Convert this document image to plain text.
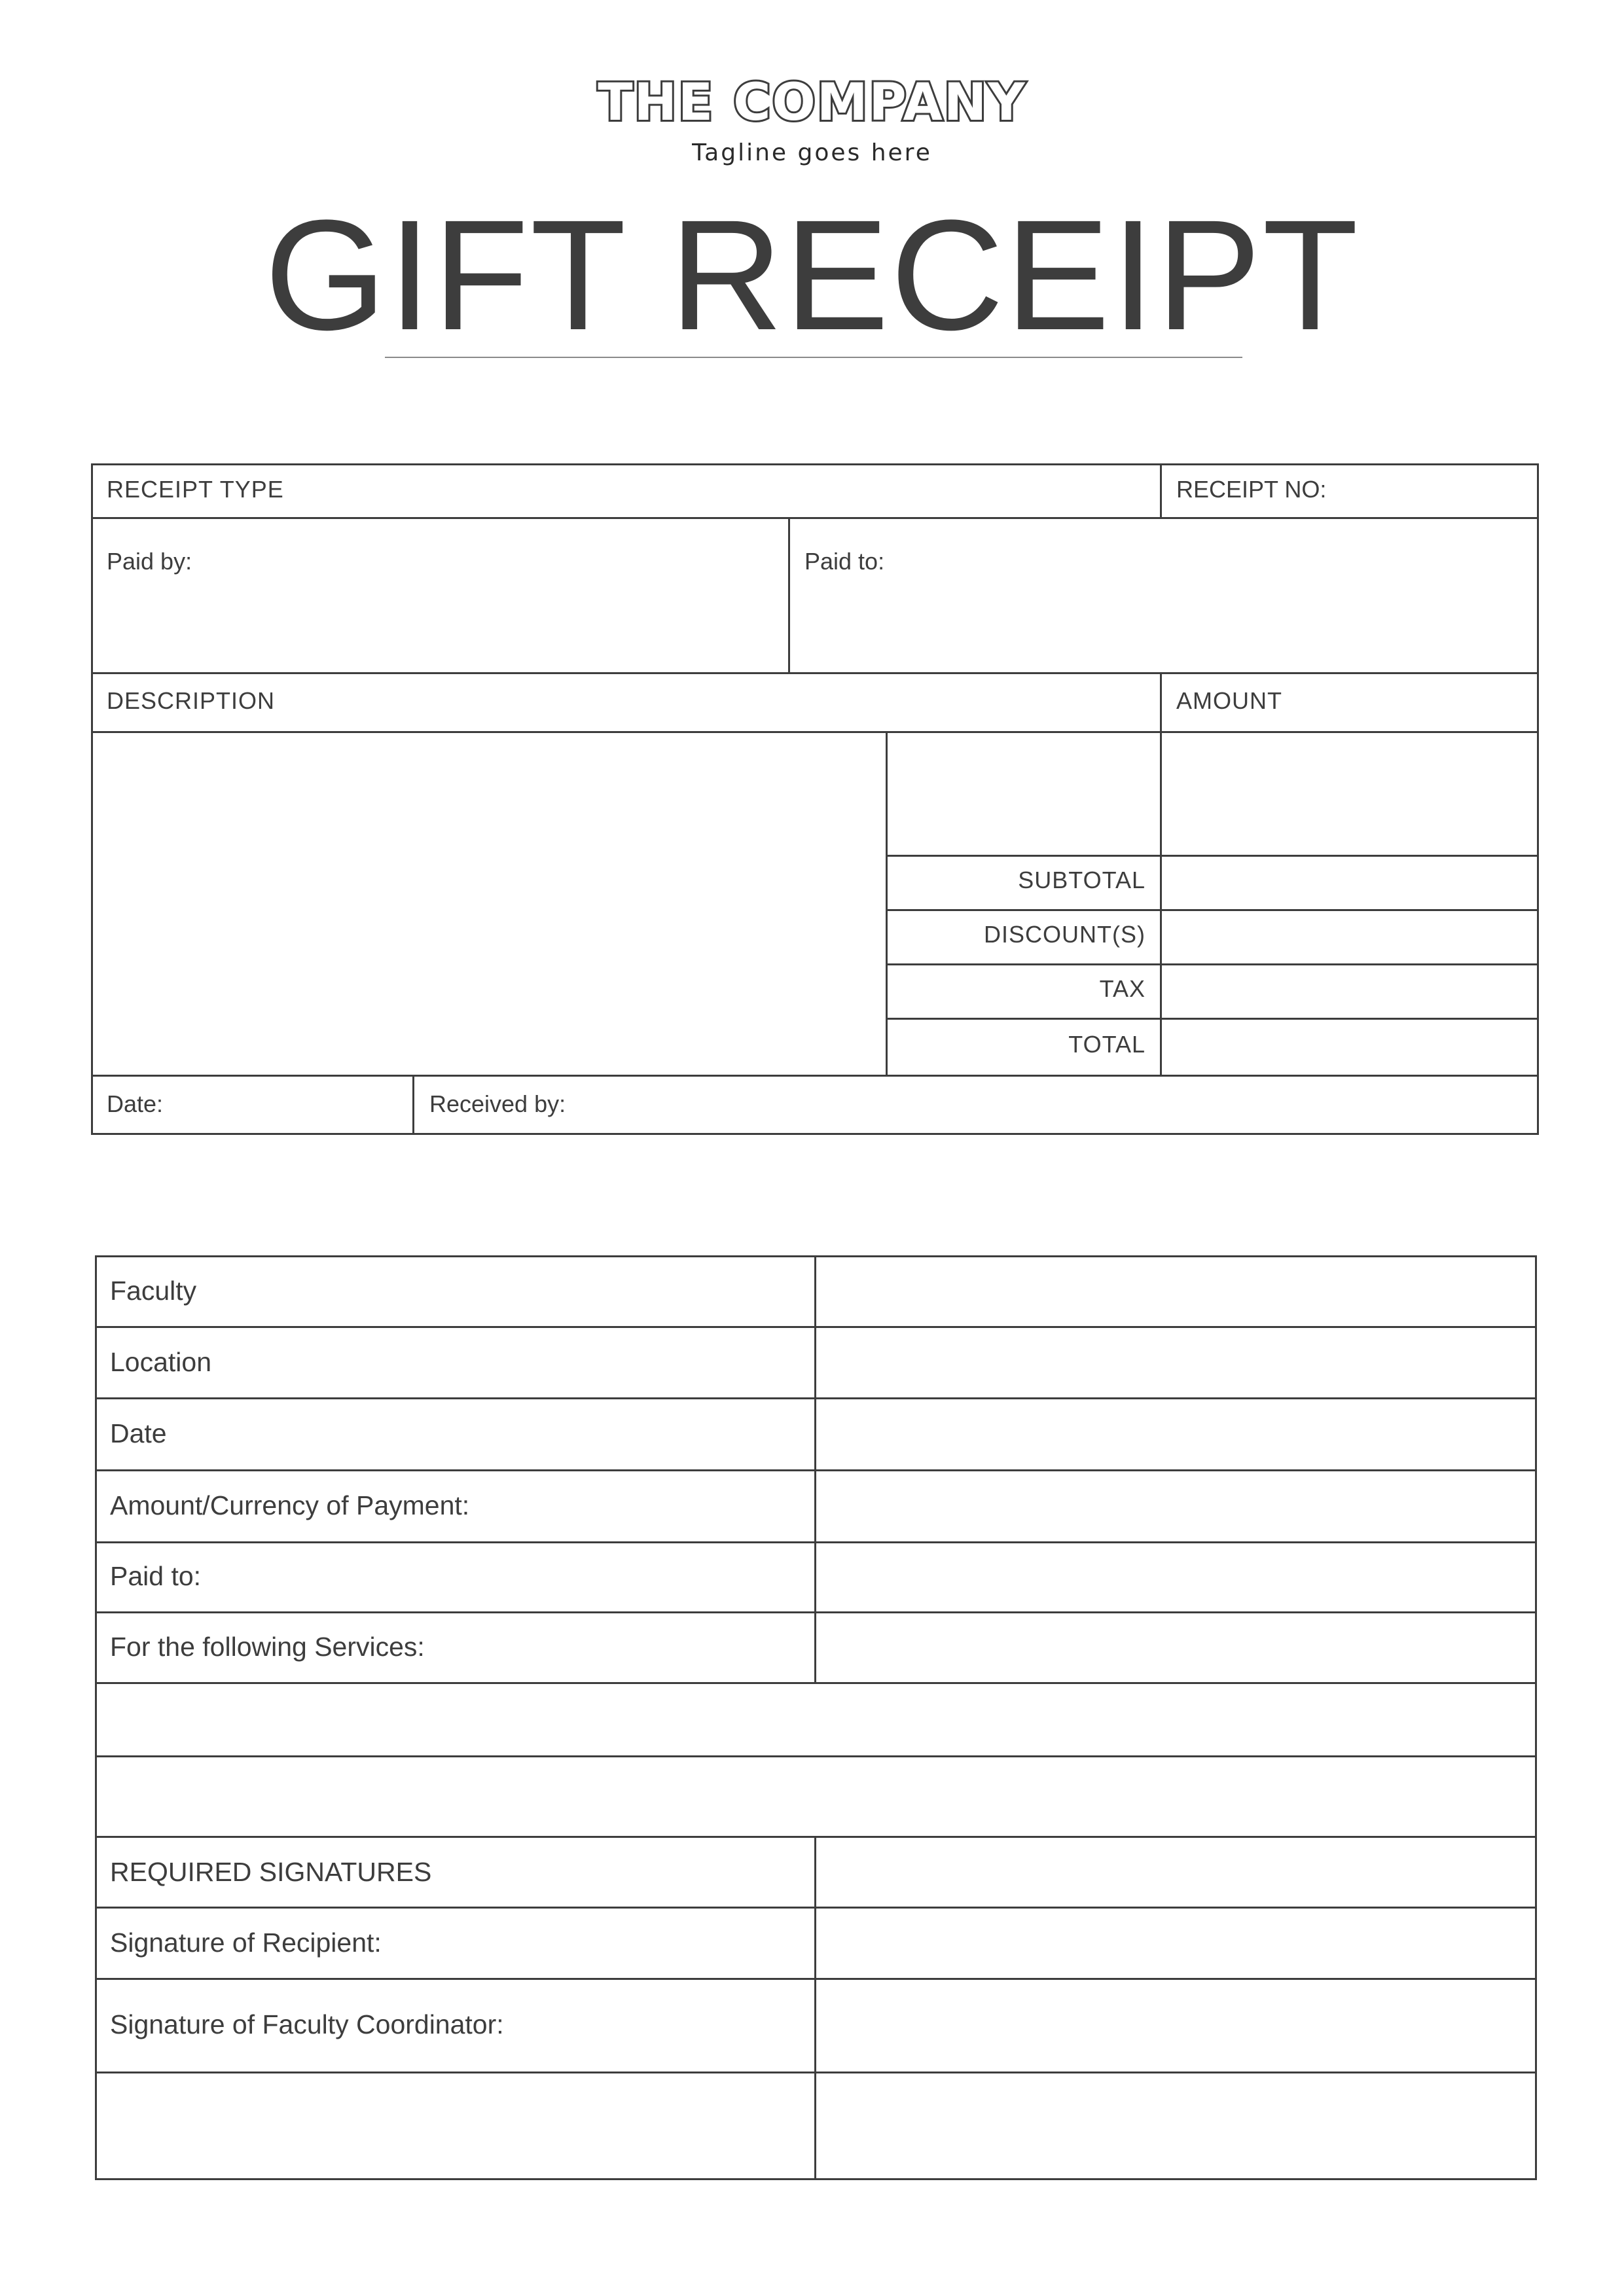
THE COMPANY
Tagline goes here
GIFT RECEIPT
RECEIPT TYPE	RECEIPT NO:
Paid by:	Paid to:
DESCRIPTION	AMOUNT
SUBTOTAL
DISCOUNT(S)
TAX
TOTAL
Date:	Received by:
Faculty
Location
Date
Amount/Currency of Payment:
Paid to:
For the following Services:
REQUIRED SIGNATURES
Signature of Recipient:
Signature of Faculty Coordinator:
